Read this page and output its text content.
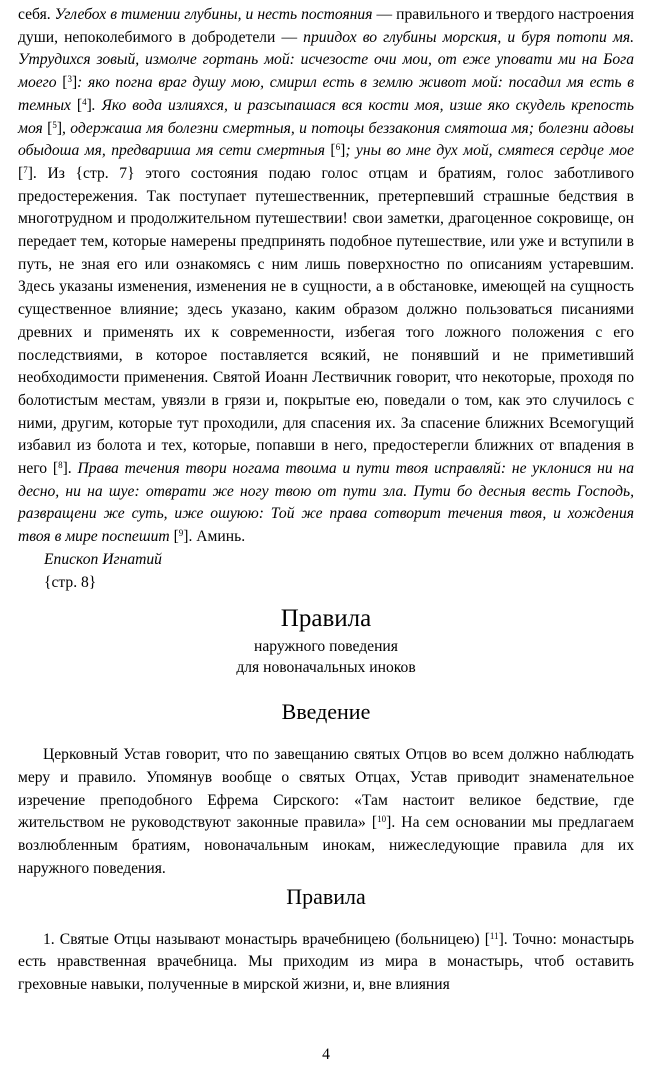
себя. Углебох в тимении глубины, и несть постояния — правильного и твердого настроения души, непоколебимого в добродетели — приидох во глубины морския, и буря потопи мя. Утрудихся зовый, измолче гортань мой: исчезосте очи мои, от еже уповати ми на Бога моего [$^3$]: яко погна враг душу мою, смирил есть в землю живот мой: посадил мя есть в темных [$^4$]. Яко вода излияхся, и разсыпашася вся кости моя, изше яко скудель крепость моя [$^5$], одержаша мя болезни смертныя, и потоцы беззакония смятоша мя; болезни адовы обыдоша мя, предвариша мя сети смертныя [$^6$]; уны во мне дух мой, смятеся сердце мое [$^7$]. Из {стр. 7} этого состояния подаю голос отцам и братиям, голос заботливого предостережения. Так поступает путешественник, претерпевший страшные бедствия в многотрудном и продолжительном путешествии! свои заметки, драгоценное сокровище, он передает тем, которые намерены предпринять подобное путешествие, или уже и вступили в путь, не зная его или ознакомясь с ним лишь поверхностно по описаниям устаревшим. Здесь указаны изменения, изменения не в сущности, а в обстановке, имеющей на сущность существенное влияние; здесь указано, каким образом должно пользоваться писаниями древних и применять их к современности, избегая того ложного положения с его последствиями, в которое поставляется всякий, не понявший и не приметивший необходимости применения. Святой Иоанн Лествичник говорит, что некоторые, проходя по болотистым местам, увязли в грязи и, покрытые ею, поведали о том, как это случилось с ними, другим, которые тут проходили, для спасения их. За спасение ближних Всемогущий избавил из болота и тех, которые, попавши в него, предостерегли ближних от впадения в него [$^8$]. Права течения твори ногама твоима и пути твоя исправляй: не уклонися ни на десно, ни на шуе: отврати же ногу твою от пути зла. Пути бо десныя весть Господь, развращени же суть, иже ошуюю: Той же права сотворит течения твоя, и хождения твоя в мире поспешит [$^9$]. Аминь.

Епископ Игнатий

{стр. 8}

Правила

наружного поведения

для новоначальных иноков

Введение

Церковный Устав говорит, что по завещанию святых Отцов во всем должно наблюдать меру и правило. Упомянув вообще о святых Отцах, Устав приводит знаменательное изречение преподобного Ефрема Сирского: «Там настоит великое бедствие, где жительством не руководствуют законные правила» [$^{10}$]. На сем основании мы предлагаем возлюбленным братиям, новоначальным инокам, нижеследующие правила для их наружного поведения.

Правила

1. Святые Отцы называют монастырь врачебницею (больницею) [$^{11}$]. Точно: монастырь есть нравственная врачебница. Мы приходим из мира в монастырь, чтоб оставить греховные навыки, полученные в мирской жизни, и, вне влияния

4
